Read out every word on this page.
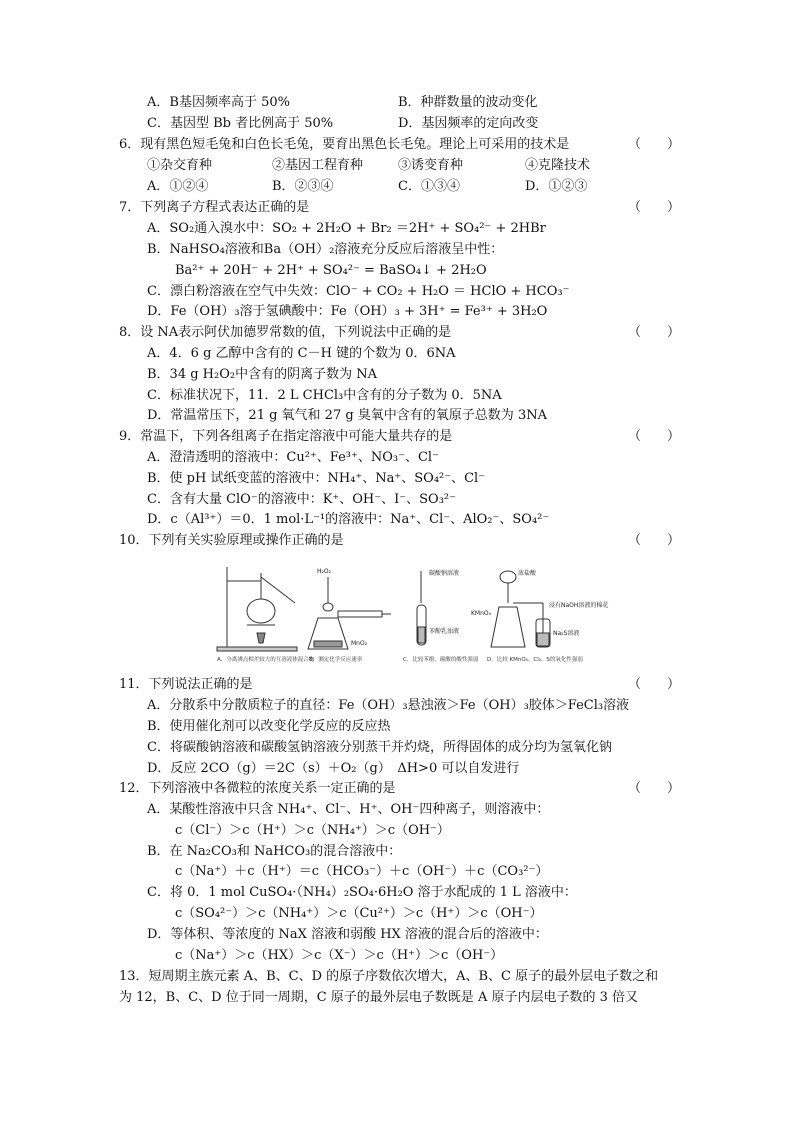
A．B基因频率高于 50%	B．种群数量的波动变化
C．基因型 Bb 者比例高于 50%	D．基因频率的定向改变
6．现有黑色短毛兔和白色长毛兔，要育出黑色长毛兔。理论上可采用的技术是	（　　）
①杂交育种	②基因工程育种	③诱变育种	④克隆技术
A．①②④	B．②③④	C．①③④	D．①②③
7．下列离子方程式表达正确的是	（　　）
A．SO₂通入溴水中：SO₂ + 2H₂O + Br₂ ＝2H⁺ + SO₄²⁻ + 2HBr
B．NaHSO₄溶液和Ba（OH）₂溶液充分反应后溶液呈中性：
Ba²⁺ + 20H⁻ + 2H⁺ + SO₄²⁻ = BaSO₄↓ + 2H₂O
C．漂白粉溶液在空气中失效：ClO⁻ + CO₂ + H₂O ＝ HClO + HCO₃⁻
D．Fe（OH）₃溶于氢碘酸中：Fe（OH）₃ + 3H⁺ = Fe³⁺ + 3H₂O
8．设 NA表示阿伏加德罗常数的值，下列说法中正确的是	（　　）
A．4．6 g 乙醇中含有的 C－H 键的个数为 0．6NA
B．34 g H₂O₂中含有的阴离子数为 NA
C．标准状况下，11．2 L CHCl₃中含有的分子数为 0．5NA
D．常温常压下，21 g 氧气和 27 g 臭氧中含有的氧原子总数为 3NA
9．常温下，下列各组离子在指定溶液中可能大量共存的是	（　　）
A．澄清透明的溶液中：Cu²⁺、Fe³⁺、NO₃⁻、Cl⁻
B．使 pH 试纸变蓝的溶液中：NH₄⁺、Na⁺、SO₄²⁻、Cl⁻
C．含有大量 ClO⁻的溶液中：K⁺、OH⁻、I⁻、SO₃²⁻
D．c（Al³⁺）＝0．1 mol·L⁻¹的溶液中：Na⁺、Cl⁻、AlO₂⁻、SO₄²⁻
10．下列有关实验原理或操作正确的是	（　　）
11．下列说法正确的是	（　　）
A．分散系中分散质粒子的直径：Fe（OH）₃悬浊液＞Fe（OH）₃胶体＞FeCl₃溶液
B．使用催化剂可以改变化学反应的反应热
C．将碳酸钠溶液和碳酸氢钠溶液分别蒸干并灼烧，所得固体的成分均为氢氧化钠
D．反应 2CO（g）＝2C（s）＋O₂（g）　ΔH>0 可以自发进行
12．下列溶液中各微粒的浓度关系一定正确的是	（　　）
A．某酸性溶液中只含 NH₄⁺、Cl⁻、H⁺、OH⁻四种离子，则溶液中：
c（Cl⁻）＞c（H⁺）＞c（NH₄⁺）＞c（OH⁻）
B．在 Na₂CO₃和 NaHCO₃的混合溶液中：
c（Na⁺）＋c（H⁺）＝c（HCO₃⁻）＋c（OH⁻）＋c（CO₃²⁻）
C．将 0．1 mol CuSO₄·（NH₄）₂SO₄·6H₂O 溶于水配成的 1 L 溶液中：
c（SO₄²⁻）＞c（NH₄⁺）＞c（Cu²⁺）＞c（H⁺）＞c（OH⁻）
D．等体积、等浓度的 NaX 溶液和弱酸 HX 溶液的混合后的溶液中：
c（Na⁺）＞c（HX）＞c（X⁻）＞c（H⁺）＞c（OH⁻）
13．短周期主族元素 A、B、C、D 的原子序数依次增大，A、B、C 原子的最外层电子数之和
为 12，B、C、D 位于同一周期，C 原子的最外层电子数既是 A 原子内层电子数的 3 倍又
A．分离沸点相差较大的互溶液体混合物
H₂O₂
MnO₂
B．测定化学反应速率
碳酸钠溶液
苯酚乳浊液
C．比较苯酚、碳酸的酸性强弱
浓盐酸
KMnO₄
浸有NaOH溶液的棉花
Na₂S溶液
D．比较 KMnO₄、Cl₂、S的氧化性强弱
